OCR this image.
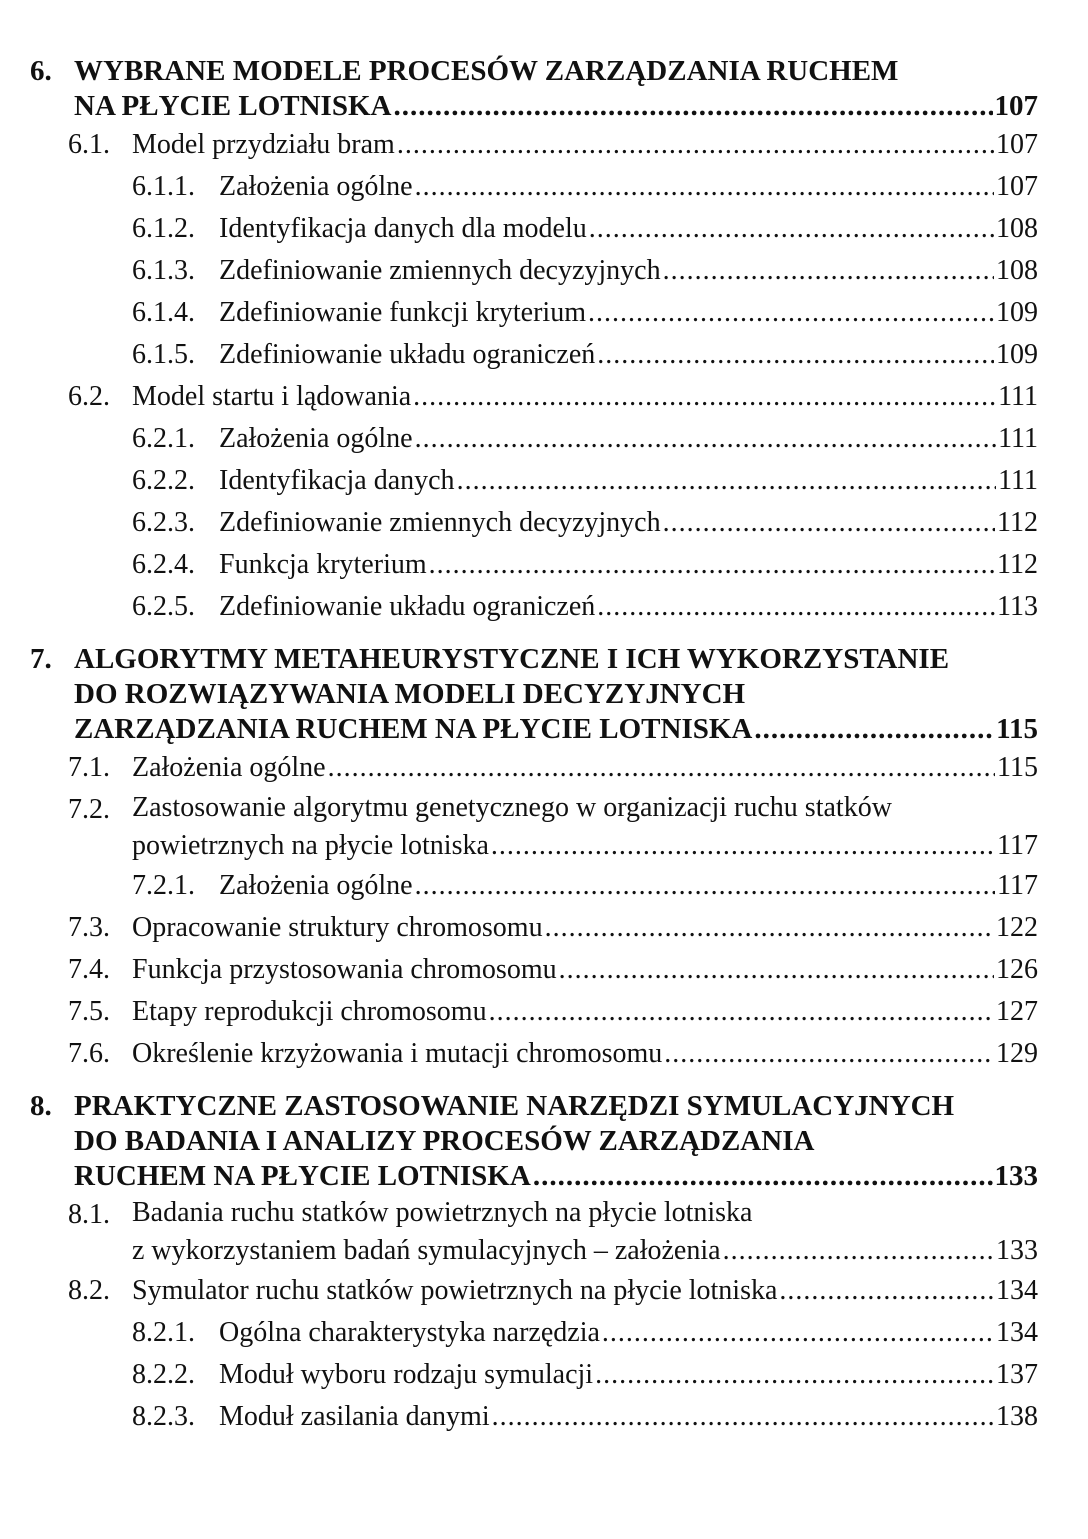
6. WYBRANE MODELE PROCESÓW ZARZĄDZANIA RUCHEM
NA PŁYCIE LOTNISKA .....	107
6.1. Model przydziału bram .....	107
6.1.1. Założenia ogólne .....	107
6.1.2. Identyfikacja danych dla modelu .....	108
6.1.3. Zdefiniowanie zmiennych decyzyjnych .....	108
6.1.4. Zdefiniowanie funkcji kryterium .....	109
6.1.5. Zdefiniowanie układu ograniczeń .....	109
6.2. Model startu i lądowania .....	111
6.2.1. Założenia ogólne .....	111
6.2.2. Identyfikacja danych .....	111
6.2.3. Zdefiniowanie zmiennych decyzyjnych .....	112
6.2.4. Funkcja kryterium .....	112
6.2.5. Zdefiniowanie układu ograniczeń .....	113
7. ALGORYTMY METAHEURYSTYCZNE I ICH WYKORZYSTANIE
DO ROZWIĄZYWANIA MODELI DECYZYJNYCH
ZARZĄDZANIA RUCHEM NA PŁYCIE LOTNISKA .....	115
7.1. Założenia ogólne .....	115
7.2. Zastosowanie algorytmu genetycznego w organizacji ruchu statków
powietrznych na płycie lotniska .....	117
7.2.1. Założenia ogólne .....	117
7.3. Opracowanie struktury chromosomu .....	122
7.4. Funkcja przystosowania chromosomu .....	126
7.5. Etapy reprodukcji chromosomu .....	127
7.6. Określenie krzyżowania i mutacji chromosomu .....	129
8. PRAKTYCZNE ZASTOSOWANIE NARZĘDZI SYMULACYJNYCH
DO BADANIA I ANALIZY PROCESÓW ZARZĄDZANIA
RUCHEM NA PŁYCIE LOTNISKA .....	133
8.1. Badania ruchu statków powietrznych na płycie lotniska
z wykorzystaniem badań symulacyjnych – założenia .....	133
8.2. Symulator ruchu statków powietrznych na płycie lotniska .....	134
8.2.1. Ogólna charakterystyka narzędzia .....	134
8.2.2. Moduł wyboru rodzaju symulacji .....	137
8.2.3. Moduł zasilania danymi .....	138
